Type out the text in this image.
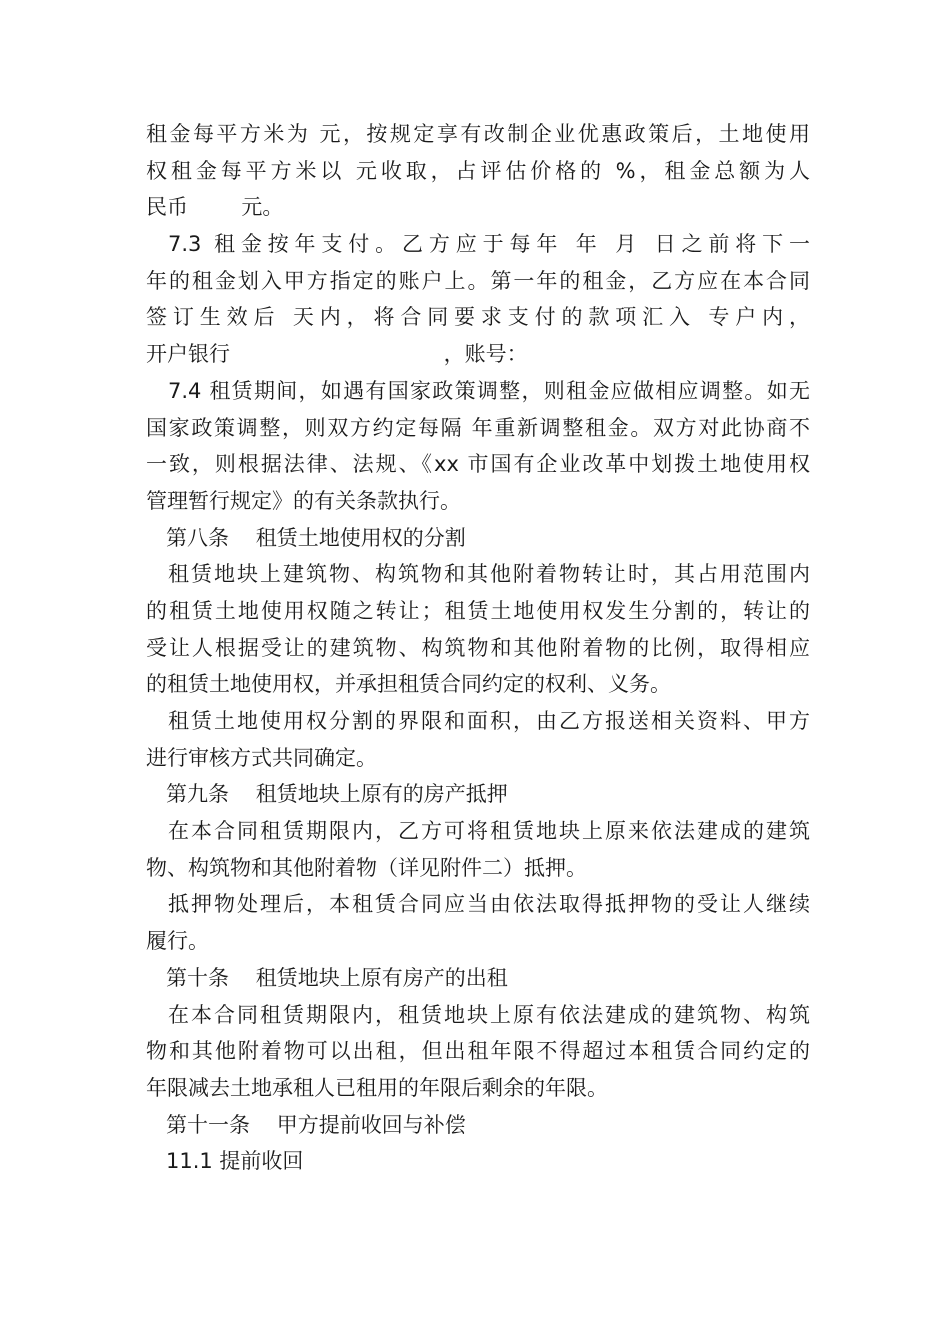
租金每平方米为 元，按规定享有改制企业优惠政策后，土地使用
权租金每平方米以 元收取，占评估价格的 %，租金总额为人
民币        元。
7.3 租金按年支付。乙方应于每年 年 月 日之前将下一
年的租金划入甲方指定的账户上。第一年的租金，乙方应在本合同
签订生效后 天内，将合同要求支付的款项汇入 专户内，
开户银行                                ，账号：
7.4 租赁期间，如遇有国家政策调整，则租金应做相应调整。如无
国家政策调整，则双方约定每隔 年重新调整租金。双方对此协商不
一致，则根据法律、法规、《xx 市国有企业改革中划拨土地使用权
管理暂行规定》的有关条款执行。
第八条    租赁土地使用权的分割
租赁地块上建筑物、构筑物和其他附着物转让时，其占用范围内
的租赁土地使用权随之转让；租赁土地使用权发生分割的，转让的
受让人根据受让的建筑物、构筑物和其他附着物的比例，取得相应
的租赁土地使用权，并承担租赁合同约定的权利、义务。
租赁土地使用权分割的界限和面积，由乙方报送相关资料、甲方
进行审核方式共同确定。
第九条    租赁地块上原有的房产抵押
在本合同租赁期限内，乙方可将租赁地块上原来依法建成的建筑
物、构筑物和其他附着物（详见附件二）抵押。
抵押物处理后，本租赁合同应当由依法取得抵押物的受让人继续
履行。
第十条    租赁地块上原有房产的出租
在本合同租赁期限内，租赁地块上原有依法建成的建筑物、构筑
物和其他附着物可以出租，但出租年限不得超过本租赁合同约定的
年限减去土地承租人已租用的年限后剩余的年限。
第十一条    甲方提前收回与补偿
11.1 提前收回
